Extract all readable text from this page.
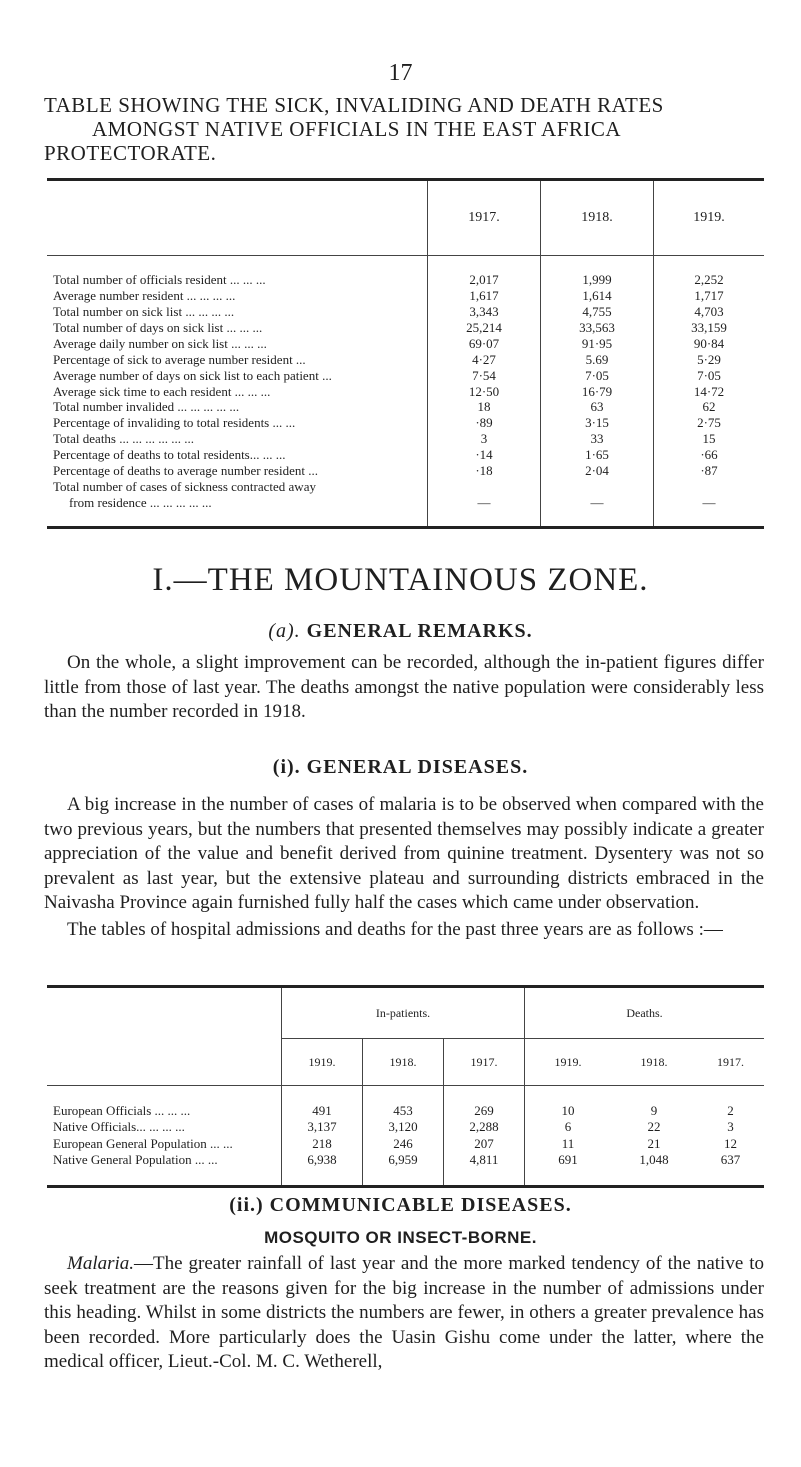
17
TABLE SHOWING THE SICK, INVALIDING AND DEATH RATES

AMONGST NATIVE OFFICIALS IN THE EAST AFRICA
PROTECTORATE.
	1917.	1918.	1919.

Total number of officials resident ... ... ...	2,017	1,999	2,252
Average number resident ... ... ... ...	1,617	1,614	1,717
Total number on sick list ... ... ... ...	3,343	4,755	4,703
Total number of days on sick list ... ... ...	25,214	33,563	33,159
Average daily number on sick list ... ... ...	69·07	91·95	90·84
Percentage of sick to average number resident ...	4·27	5.69	5·29
Average number of days on sick list to each patient ...	7·54	7·05	7·05
Average sick time to each resident ... ... ...	12·50	16·79	14·72
Total number invalided ... ... ... ... ...	18	63	62
Percentage of invaliding to total residents ... ...	·89	3·15	2·75
Total deaths ... ... ... ... ... ...	3	33	15
Percentage of deaths to total residents... ... ...	·14	1·65	·66
Percentage of deaths to average number resident ...	·18	2·04	·87
Total number of cases of sickness contracted away			
from residence ... ... ... ... ...	—	—	—

I.—THE MOUNTAINOUS ZONE.
(a). GENERAL REMARKS.
On the whole, a slight improvement can be recorded, although the in-patient figures differ little from those of last year. The deaths amongst the native population were considerably less than the number recorded in 1918.
(i). GENERAL DISEASES.
A big increase in the number of cases of malaria is to be observed when compared with the two previous years, but the numbers that presented themselves may possibly indicate a greater appreciation of the value and benefit derived from quinine treatment. Dysentery was not so prevalent as last year, but the extensive plateau and surrounding districts embraced in the Naivasha Province again furnished fully half the cases which came under observation.
The tables of hospital admissions and deaths for the past three years are as follows :—
	In-patients.			Deaths.		
	1919.	1918.	1917.	1919.	1918.	1917.

European Officials ... ... ...	491	453	269	10	9	2
Native Officials... ... ... ...	3,137	3,120	2,288	6	22	3
European General Population ... ...	218	246	207	11	21	12
Native General Population ... ...	6,938	6,959	4,811	691	1,048	637

(ii.) COMMUNICABLE DISEASES.
MOSQUITO OR INSECT-BORNE.
Malaria.—The greater rainfall of last year and the more marked tendency of the native to seek treatment are the reasons given for the big increase in the number of admissions under this heading. Whilst in some districts the numbers are fewer, in others a greater prevalence has been recorded. More particularly does the Uasin Gishu come under the latter, where the medical officer, Lieut.-Col. M. C. Wetherell,
